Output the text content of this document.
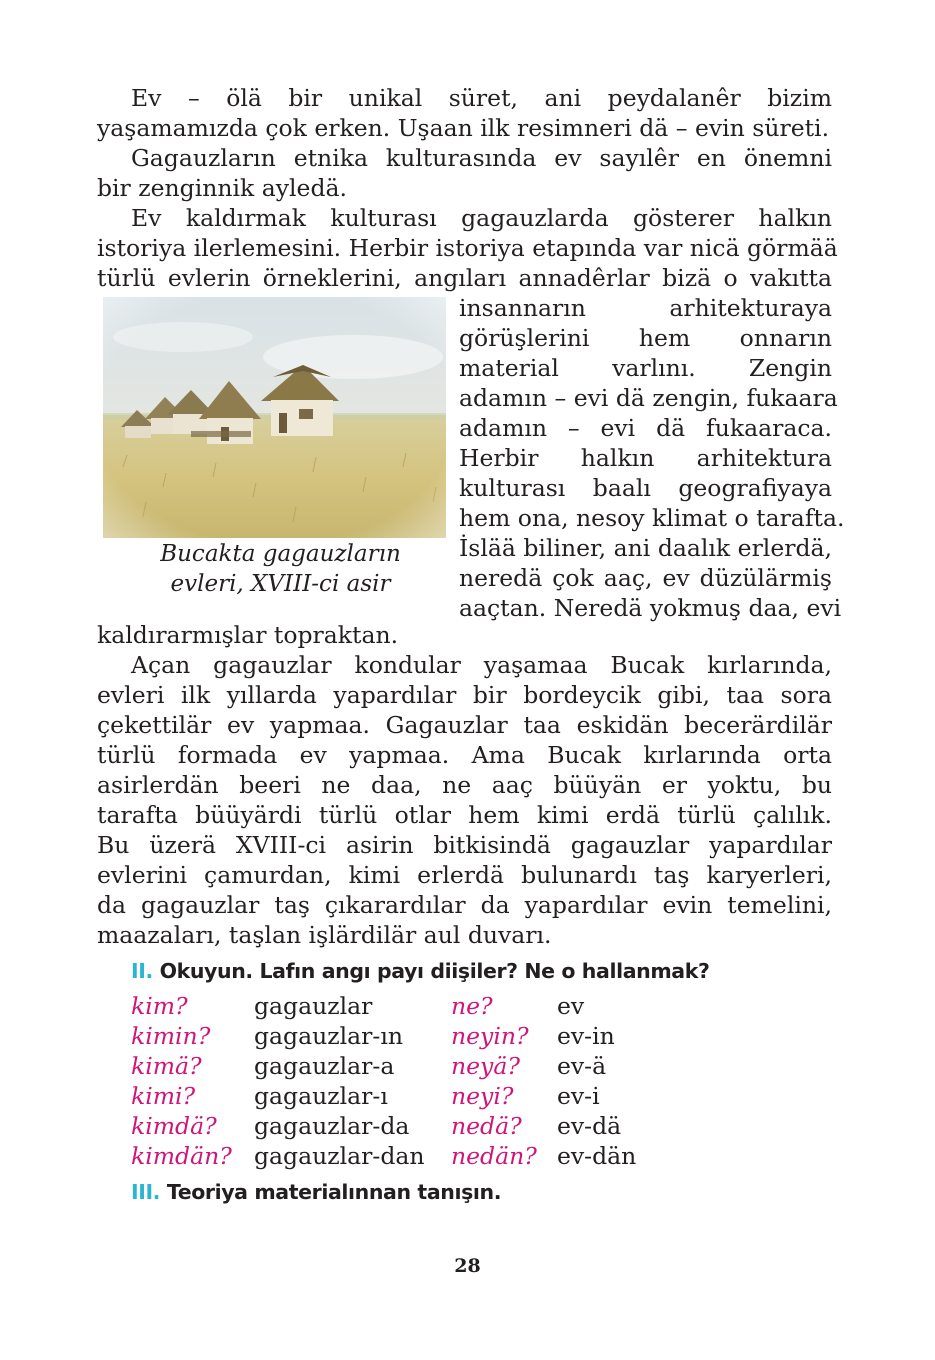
Ev – ölä bir unikal süret, ani peydalanêr bizim
yaşamamızda çok erken. Uşaan ilk resimneri dä – evin süreti.
Gagauzların etnika kulturasında ev sayılêr en önemni
bir zenginnik ayledä.
Ev kaldırmak kulturası gagauzlarda gösterer halkın
istoriya ilerlemesini. Herbir istoriya etapında var nicä görmää
türlü evlerin örneklerini, angıları annadêrlar bizä o vakıtta
insannarın arhitekturaya
görüşlerini hem onnarın
material varlını. Zengin
adamın – evi dä zengin, fukaara
adamın – evi dä fukaaraca.
Herbir halkın arhitektura
kulturası baalı geografiyaya
hem ona, nesoy klimat o tarafta.
İslää biliner, ani daalık erlerdä,
neredä çok aaç, ev düzülärmiş
aaçtan. Neredä yokmuş daa, evi
Bucakta gagauzların
evleri, XVIII-ci asir
kaldırarmışlar topraktan.
Açan gagauzlar kondular yaşamaa Bucak kırlarında,
evleri ilk yıllarda yapardılar bir bordeycik gibi, taa sora
çekettilär ev yapmaa. Gagauzlar taa eskidän becerärdilär
türlü formada ev yapmaa. Ama Bucak kırlarında orta
asirlerdän beeri ne daa, ne aaç büüyän er yoktu, bu
tarafta büüyärdi türlü otlar hem kimi erdä türlü çalılık.
Bu üzerä XVIII-ci asirin bitkisindä gagauzlar yapardılar
evlerini çamurdan, kimi erlerdä bulunardı taş karyerleri,
da gagauzlar taş çıkarardılar da yapardılar evin temelini,
maazaları, taşlan işlärdilär aul duvarı.
II. Okuyun. Lafın angı payı diişiler? Ne o hallanmak?
kim?	gagauzlar	ne?	ev
kimin? gagauzlar-ın neyin? ev-in
kimä? gagauzlar-a neyä? ev-ä
kimi?	gagauzlar-ı	neyi? ev-i
kimdä? gagauzlar-da nedä? ev-dä
kimdän? gagauzlar-dan nedän? ev-dän
III. Teoriya materialınnan tanışın.
28
